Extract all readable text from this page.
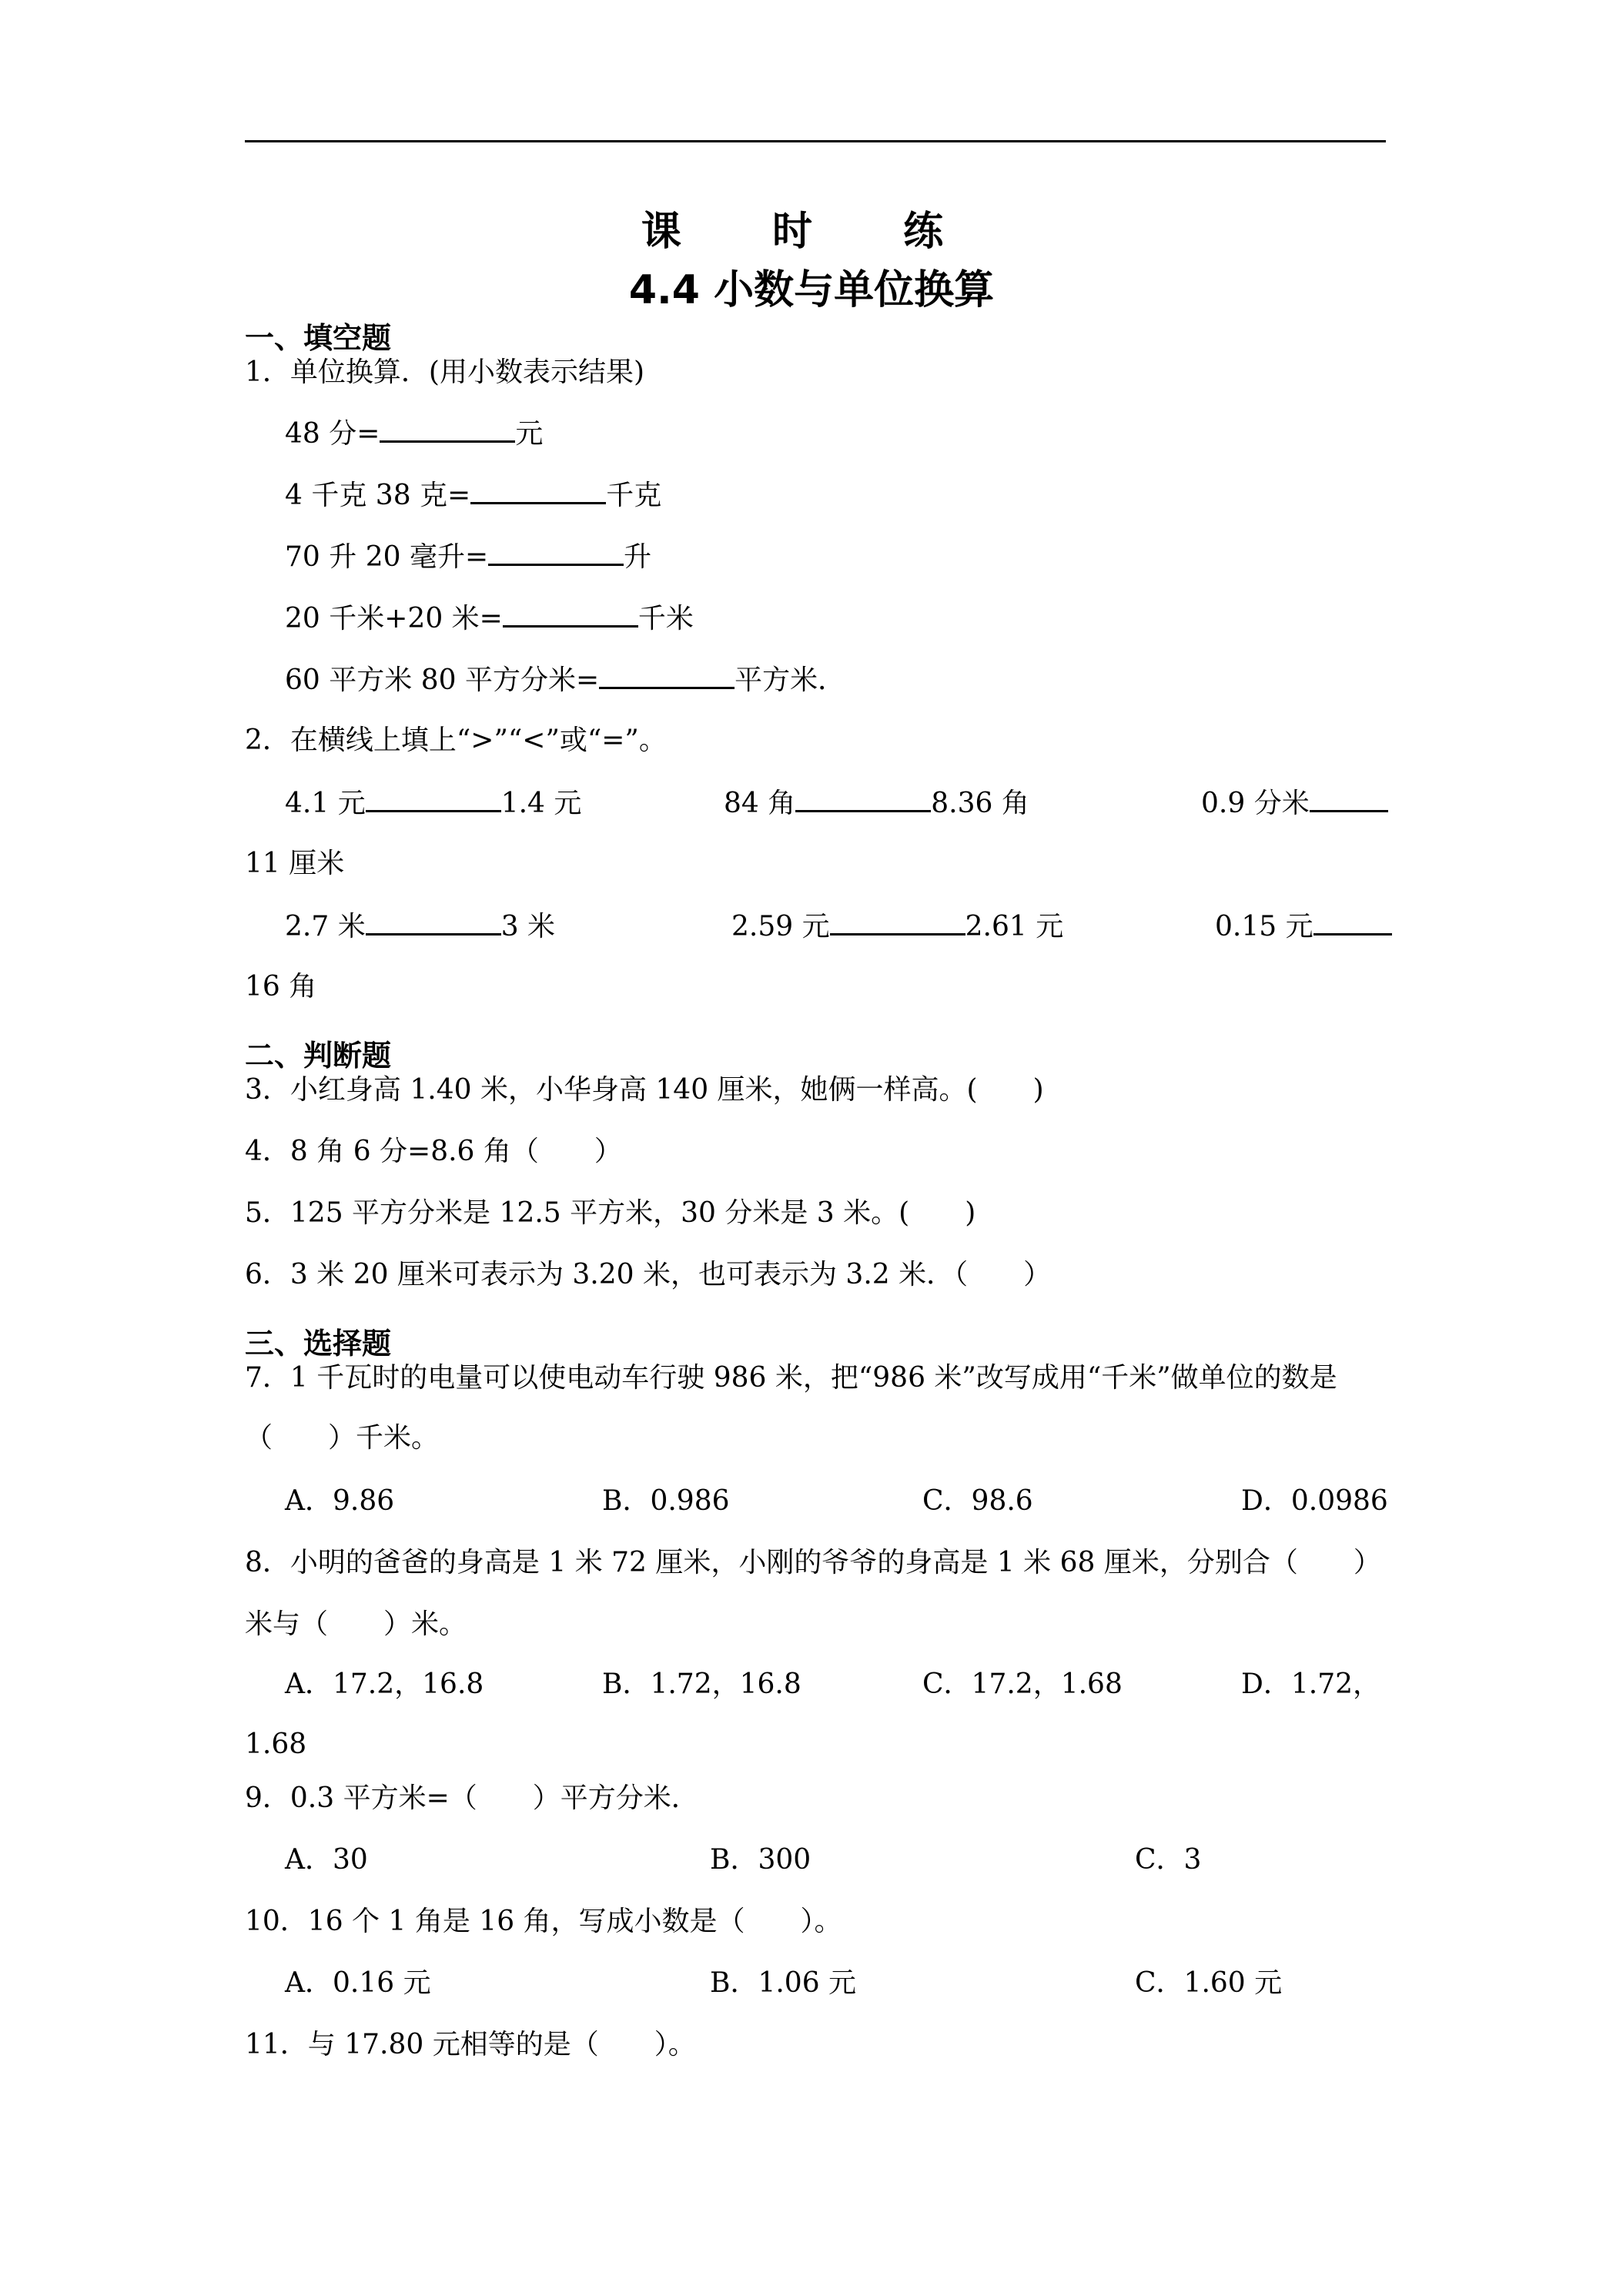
课 时 练
4.4 小数与单位换算
一、填空题
1．单位换算．(用小数表示结果)
48 分=	元
4 千克 38 克=	千克
70 升 20 毫升=	升
20 千米+20 米=	千米
60 平方米 80 平方分米=	平方米．
2．在横线上填上“>”“<”或“=”。
4.1 元	1.4 元	84 角	8.36 角	0.9 分米
11 厘米
2.7 米	3 米	2.59 元	2.61 元	0.15 元
16 角
二、判断题
3．小红身高 1.40 米，小华身高 140 厘米，她俩一样高。(　　)
4．8 角 6 分=8.6 角（　　）
5．125 平方分米是 12.5 平方米，30 分米是 3 米。(　　)
6．3 米 20 厘米可表示为 3.20 米，也可表示为 3.2 米．（　　）
三、选择题
7．1 千瓦时的电量可以使电动车行驶 986 米，把“986 米”改写成用“千米”做单位的数是
（　　）千米。
A．9.86	B．0.986	C．98.6	D．0.0986
8．小明的爸爸的身高是 1 米 72 厘米，小刚的爷爷的身高是 1 米 68 厘米，分别合（　　）
米与（　　）米。
A．17.2，16.8	B．1.72，16.8	C．17.2，1.68	D．1.72，
1.68
9．0.3 平方米=（　　）平方分米．
A．30	B．300	C．3
10．16 个 1 角是 16 角，写成小数是（　　）。
A．0.16 元	B．1.06 元	C．1.60 元
11．与 17.80 元相等的是（　　）。
